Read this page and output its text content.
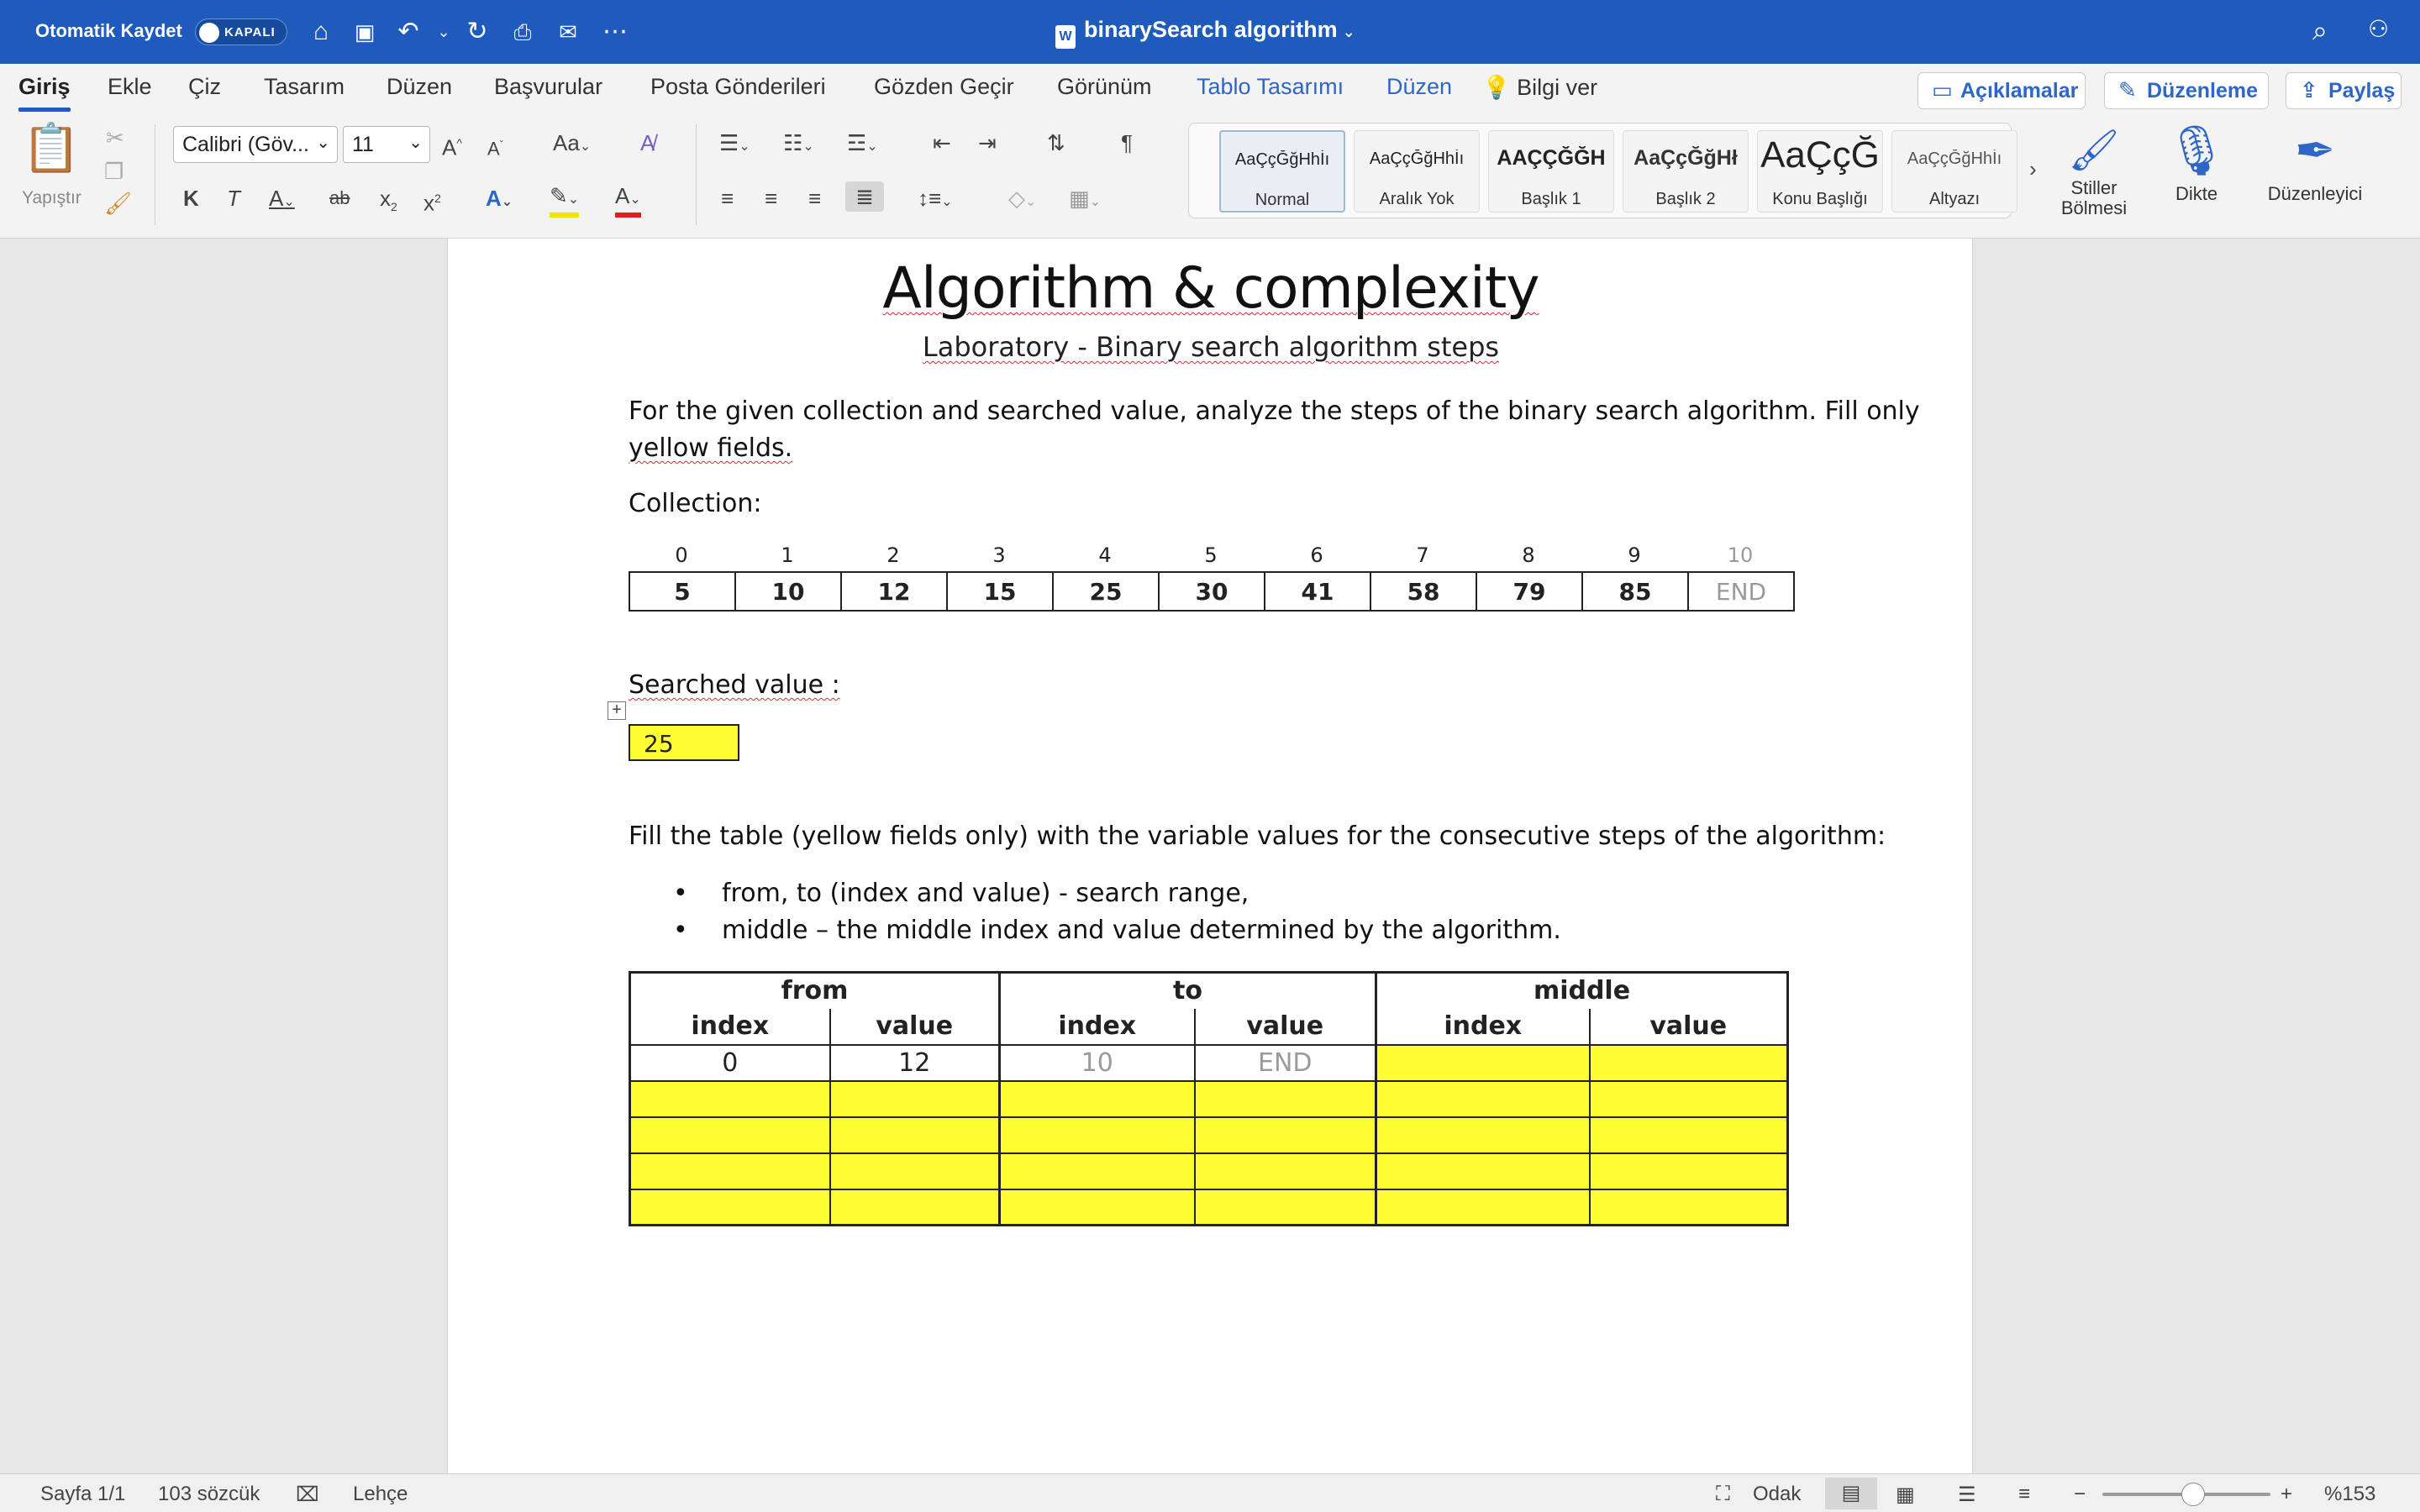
Otomatik Kaydet	KAPALI	⌂	▣ ↶	⌄ ↻	⎙	✉	⋯	W binarySearch algorithm ⌄	⌕ ⚇
Giriş Ekle Çiz Tasarım Düzen Başvurular Posta Gönderileri Gözden Geçir Görünüm Tablo Tasarımı Düzen 💡 Bilgi ver	▭ Açıklamalar	✎ Düzenleme	⇪ Paylaş
📋
Yapıştır
✂
❐
🖌
Calibri (Göv... ⌄	11 ⌄ A^ $A^ˇ$ Aa⌄ A̸
K T A⌄ ab $x_2$ $x^2$ A⌄ ✎⌄ A⌄
☰⌄ ☷⌄ ☲⌄	⇤ ⇥ ⇅	¶
≡ ≡ ≡	≣	↕≡⌄	◇⌄ ▦⌄
AaÇçĞğHhİı
Normal
AaÇçĞğHhİı
Aralık Yok
AAÇÇĞĞH
Başlık 1
AaÇçĞğHł
Başlık 2
AaÇçĞ
Konu Başlığı
AaÇçĞğHhİı
Altyazı
› 🖌
Stiller Bölmesi
🎙
Dikte
✒
Düzenleyici
Algorithm & complexity
Laboratory - Binary search algorithm steps
For the given collection and searched value, analyze the steps of the binary search algorithm. Fill only
yellow fields.
Collection:
0	1	2	3	4	5	6	7	8	9	10
5	10	12	15	25	30	41	58	79	85	END
Searched value :
+
25
Fill the table (yellow fields only) with the variable values for the consecutive steps of the algorithm:
• from, to (index and value) - search range,
• middle – the middle index and value determined by the algorithm.
from		to		middle	
index	value	index	value	index	value
0	12	10	END		

Sayfa 1/1 103 sözcük ⌧ Lehçe	⛶ Odak	▤	▦ ☰ ≡ −	+ %153
